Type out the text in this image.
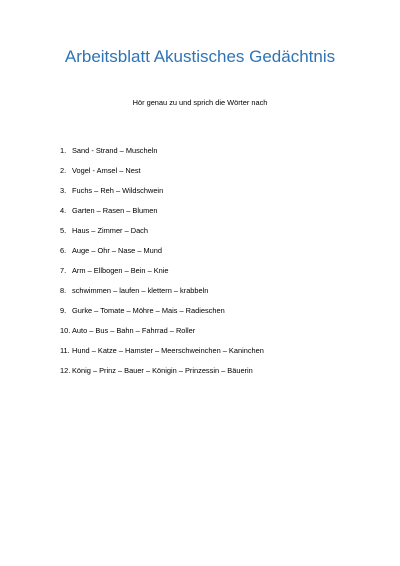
Arbeitsblatt Akustisches Gedächtnis
Hör genau zu und sprich die Wörter nach
1. Sand - Strand – Muscheln
2. Vogel - Amsel – Nest
3. Fuchs – Reh – Wildschwein
4. Garten – Rasen – Blumen
5. Haus – Zimmer – Dach
6. Auge – Ohr – Nase – Mund
7. Arm – Ellbogen – Bein – Knie
8. schwimmen – laufen – klettern – krabbeln
9. Gurke – Tomate – Möhre – Mais – Radieschen
10. Auto – Bus – Bahn – Fahrrad – Roller
11. Hund – Katze – Hamster – Meerschweinchen – Kaninchen
12. König – Prinz – Bauer – Königin – Prinzessin – Bäuerin
